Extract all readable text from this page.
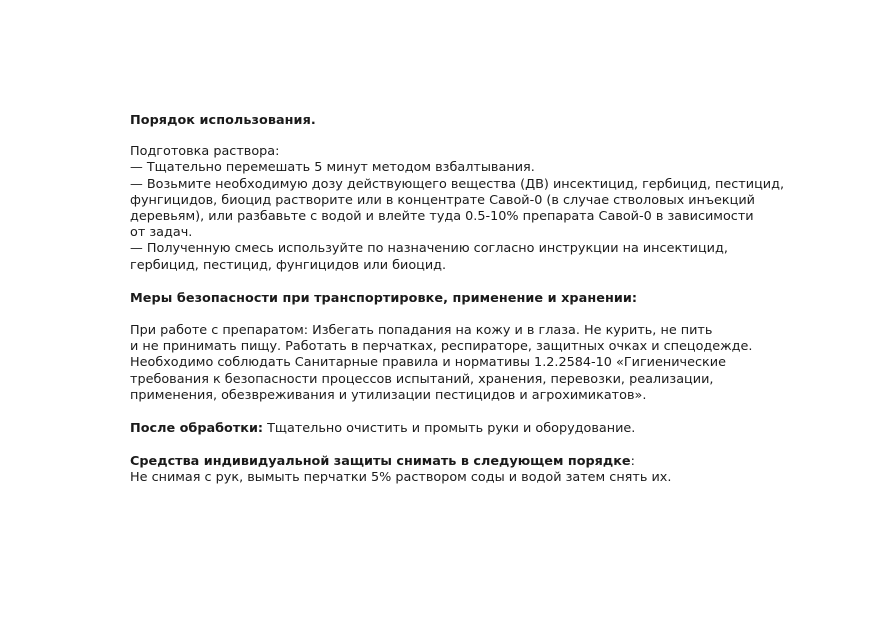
Порядок использования.

Подготовка раствора:
— Тщательно перемешать 5 минут методом взбалтывания.
— Возьмите необходимую дозу действующего вещества (ДВ) инсектицид, гербицид, пестицид,
фунгицидов, биоцид растворите или в концентрате Савой-0 (в случае стволовых инъекций
деревьям), или разбавьте с водой и влейте туда 0.5-10% препарата Савой-0 в зависимости
от задач.
— Полученную смесь используйте по назначению согласно инструкции на инсектицид,
гербицид, пестицид, фунгицидов или биоцид.

Меры безопасности при транспортировке, применение и хранении:

При работе с препаратом: Избегать попадания на кожу и в глаза. Не курить, не пить
и не принимать пищу. Работать в перчатках, респираторе, защитных очках и спецодежде.
Необходимо соблюдать Санитарные правила и нормативы 1.2.2584-10 «Гигиенические
требования к безопасности процессов испытаний, хранения, перевозки, реализации,
применения, обезвреживания и утилизации пестицидов и агрохимикатов».

После обработки: Тщательно очистить и промыть руки и оборудование.

Средства индивидуальной защиты снимать в следующем порядке:
Не снимая с рук, вымыть перчатки 5% раствором соды и водой затем снять их.
